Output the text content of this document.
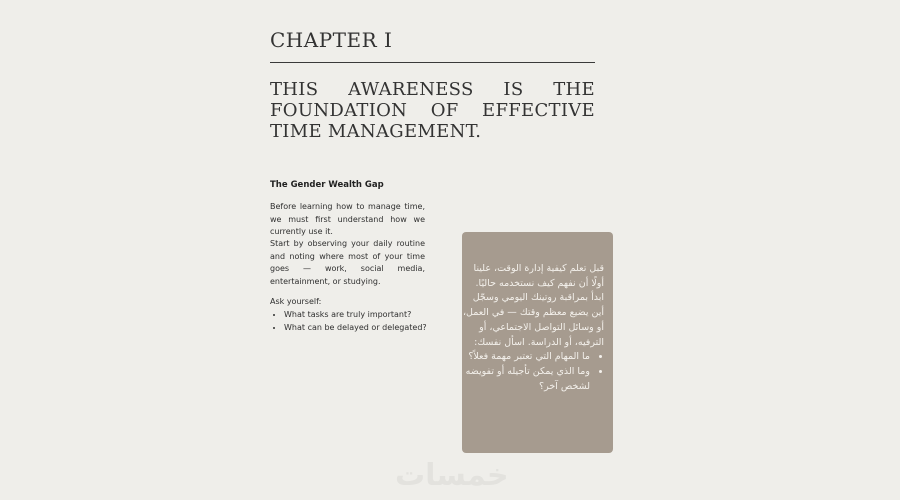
CHAPTER I
THIS AWARENESS IS THE FOUNDATION OF EFFECTIVE TIME MANAGEMENT.
The Gender Wealth Gap
Before learning how to manage time, we must first understand how we currently use it.
Start by observing your daily routine and noting where most of your time goes — work, social media, entertainment, or studying.
Ask yourself:
• What tasks are truly important?
• What can be delayed or delegated?
قبل تعلم كيفية إدارة الوقت، علينا أولًا أن نفهم كيف نستخدمه حاليًا. ابدأ بمراقبة روتينك اليومي وسجّل أين يضيع معظم وقتك — في العمل، أو وسائل التواصل الاجتماعي، أو الترفيه، أو الدراسة. اسأل نفسك:
• ما المهام التي تعتبر مهمة فعلاً؟
• وما الذي يمكن تأجيله أو تفويضه لشخص آخر؟
خمسات
